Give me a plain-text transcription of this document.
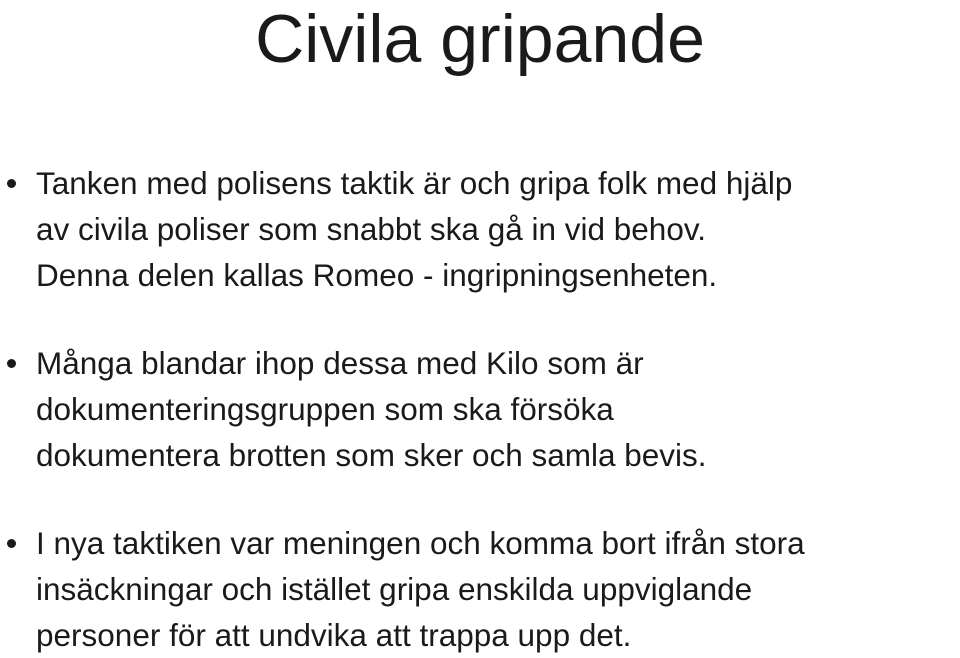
Civila gripande
Tanken med polisens taktik är och gripa folk med hjälp
av civila poliser som snabbt ska gå in vid behov.
Denna delen kallas Romeo - ingripningsenheten.
Många blandar ihop dessa med Kilo som är
dokumenteringsgruppen som ska försöka
dokumentera brotten som sker och samla bevis.
I nya taktiken var meningen och komma bort ifrån stora
insäckningar och istället gripa enskilda uppviglande
personer för att undvika att trappa upp det.
